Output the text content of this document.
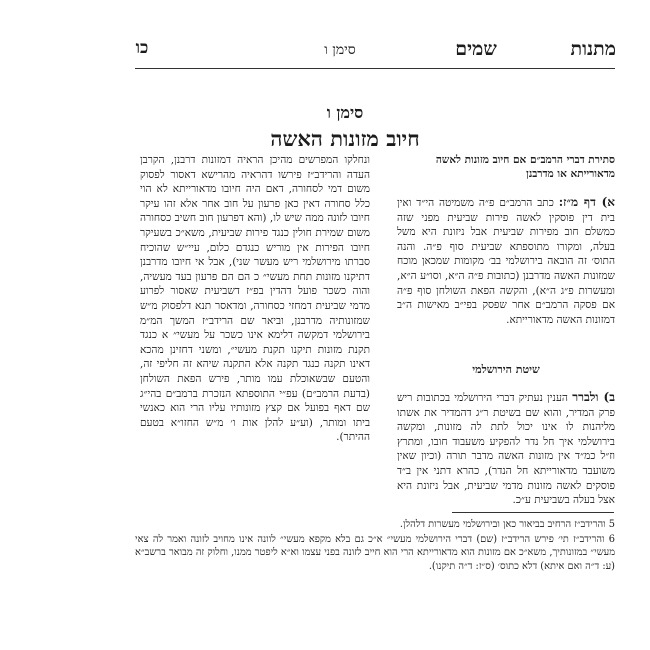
מתנות
שמים
סימן ו
כו
סימן ו
חיוב מזונות האשה
סתירת דברי הרמב״ם אם חיוב מזונות לאשה מדאורייתא או מדרבנן

א) דף מ״ז: כתב הרמב״ם פ״ה משמיטה הי״ד ואין בית דין פוסקין לאשה פירות שביעית מפני שזה כמשלם חוב מפירות שביעית אבל ניזונת היא משל בעלה, ומקורו מתוספתא שביעית סוף פ״ה. והנה התוס׳ זה הובאה בירושלמי בב׳ מקומות שמכאן מוכח שמזונות האשה מדרבנן (כתובות פ״ה ה״א, וסו״ע ה״א, ומעשרות פ״ג ה״א), והקשה הפאת השולחן סוף פ״ה אם פסקה הרמב״ם אחר שפסק בפי״ב מאישות ה״ב דמזונות האשה מדאורייתא.

שיטת הירושלמי

ב) ולברר הענין נעתיק דברי הירושלמי בכתובות ריש פרק המדיר, והוא שם בשיטת ר״ג דהמדיר את אשתו מליהנות לו אינו יכול לתת לה מזונות, ומקשה בירושלמי איך חל נדר להפקיע משעבוד חובו, ומתרץ וז״ל כמ״ד אין מזונות האשה מדבר תורה (וכיון שאין משועבד מדאורייתא חל הנדר), כהרא דתני אין ב״ד פוסקים לאשה מזונות מדמי שביעית, אבל ניזונת היא אצל בעלה בשביעית ע״כ.

ונחלקו המפרשים מהיכן הראיה דמזונות דרבנן, הקרבן העדה והרידב״ז פירשו דהראיה מהרישא דאסור לפסוק משום דמי לסחורה, דאם היה חיובו מדאורייתא לא הוי כלל סחורה דאין כאן פרעון על חוב אחר אלא זהו עיקר חיובו לזונה ממה שיש לו, (והא דפרעון חוב חשיב כסחורה משום שמירת חולין כנגד פירות שביעית, משא״כ בשעיקר חיובו הפירות אין מוריש כנגדם כלום, עיי״ש שהוכיח סברתו מירושלמי ריש מעשר שני), אבל אי חיובו מדרבנן דתיקנו מזונות תחת מעשי״ כ הם הם פרעון בעד מעשיה, והוה כשכר פועל דהדין בפ״ז דשביעית שאסור לפרוע מדמי שביעית דמחזי כסחורה, ומדאסר תנא דלפסוק מ״ש שמזונותיה מדרבנן, וביאר שם הרידב״ז המשך המ״מ בירושלמי דמקשה דלימא אינו כשכר על מעשי״ א כנגד תקנת מזונות תיקנו תקנת מעשי״, ומשני דחזינן מהכא דאינו תקנה כנגד תקנה אלא התקנה שיהא זה חליפי זה, והטעם שבשאוכלת עמו מותר, פירש הפאת השולחן (בדעת הרמב״ם) עפ״י התוספתא הנזכרת ברמב״ם בהי״ג שם דאף בפועל אם קצץ מזונותיו עליו הרי הוא כאנשי ביתו ומותר, (וע״ע להלן אות ו׳ מ״ש החזו״א בטעם ההיתר).

5 והרידב״ז הרחיב בביאור כאן ובירושלמי מעשרות דלהלן.

6 והרידב״ז תי׳ פירש הרידב״ז (שם) דברי הירושלמי מעשי״ א״כ גם בלא מקפא מעשי״ לוונה אינו מחויב לזונה ואמר לה צאי מעשי״ במזונותיך, משא״כ אם מזונות הוא מדאורייתא הרי הוא חייב לזונה בפני עצמו וא״א ליפטר ממנו, וחלוק זה מבואר ברשב״א (ע: ד״ה ואם איתא) דלא כתוס׳ (ס״ז: ד״ה תיקנו).
